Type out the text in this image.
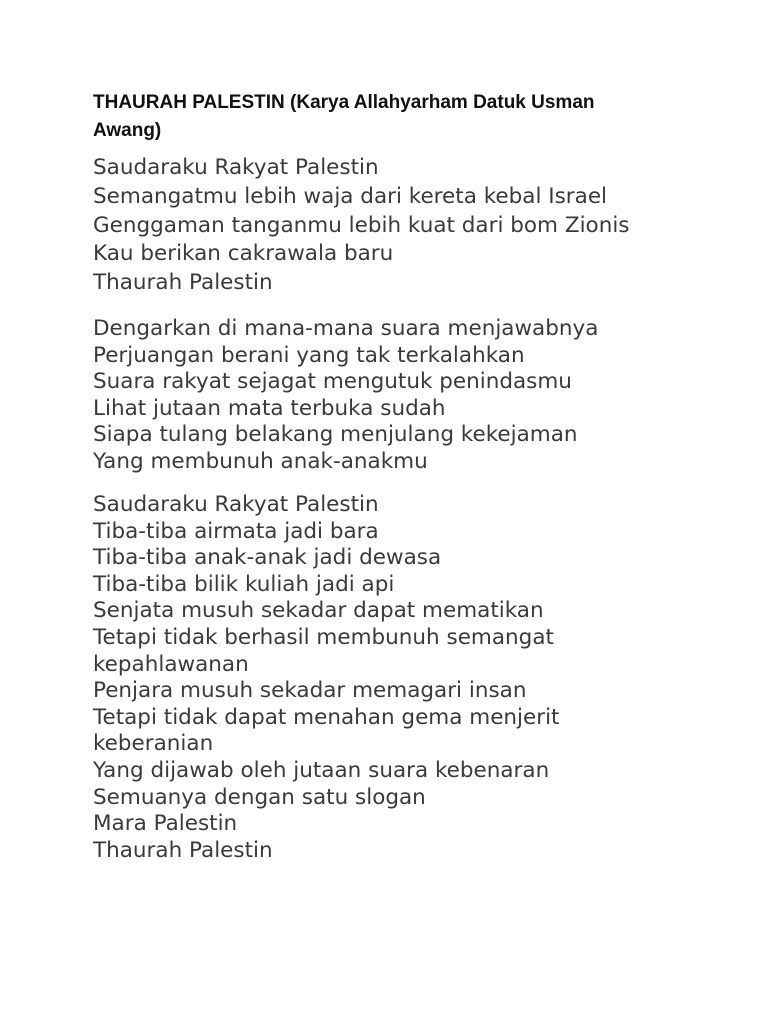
THAURAH PALESTIN (Karya Allahyarham Datuk Usman Awang)
Saudaraku Rakyat Palestin
Semangatmu lebih waja dari kereta kebal Israel
Genggaman tanganmu lebih kuat dari bom Zionis
Kau berikan cakrawala baru
Thaurah Palestin
Dengarkan di mana-mana suara menjawabnya
Perjuangan berani yang tak terkalahkan
Suara rakyat sejagat mengutuk penindasmu
Lihat jutaan mata terbuka sudah
Siapa tulang belakang menjulang kekejaman
Yang membunuh anak-anakmu
Saudaraku Rakyat Palestin
Tiba-tiba airmata jadi bara
Tiba-tiba anak-anak jadi dewasa
Tiba-tiba bilik kuliah jadi api
Senjata musuh sekadar dapat mematikan
Tetapi tidak berhasil membunuh semangat
kepahlawanan
Penjara musuh sekadar memagari insan
Tetapi tidak dapat menahan gema menjerit
keberanian
Yang dijawab oleh jutaan suara kebenaran
Semuanya dengan satu slogan
Mara Palestin
Thaurah Palestin
